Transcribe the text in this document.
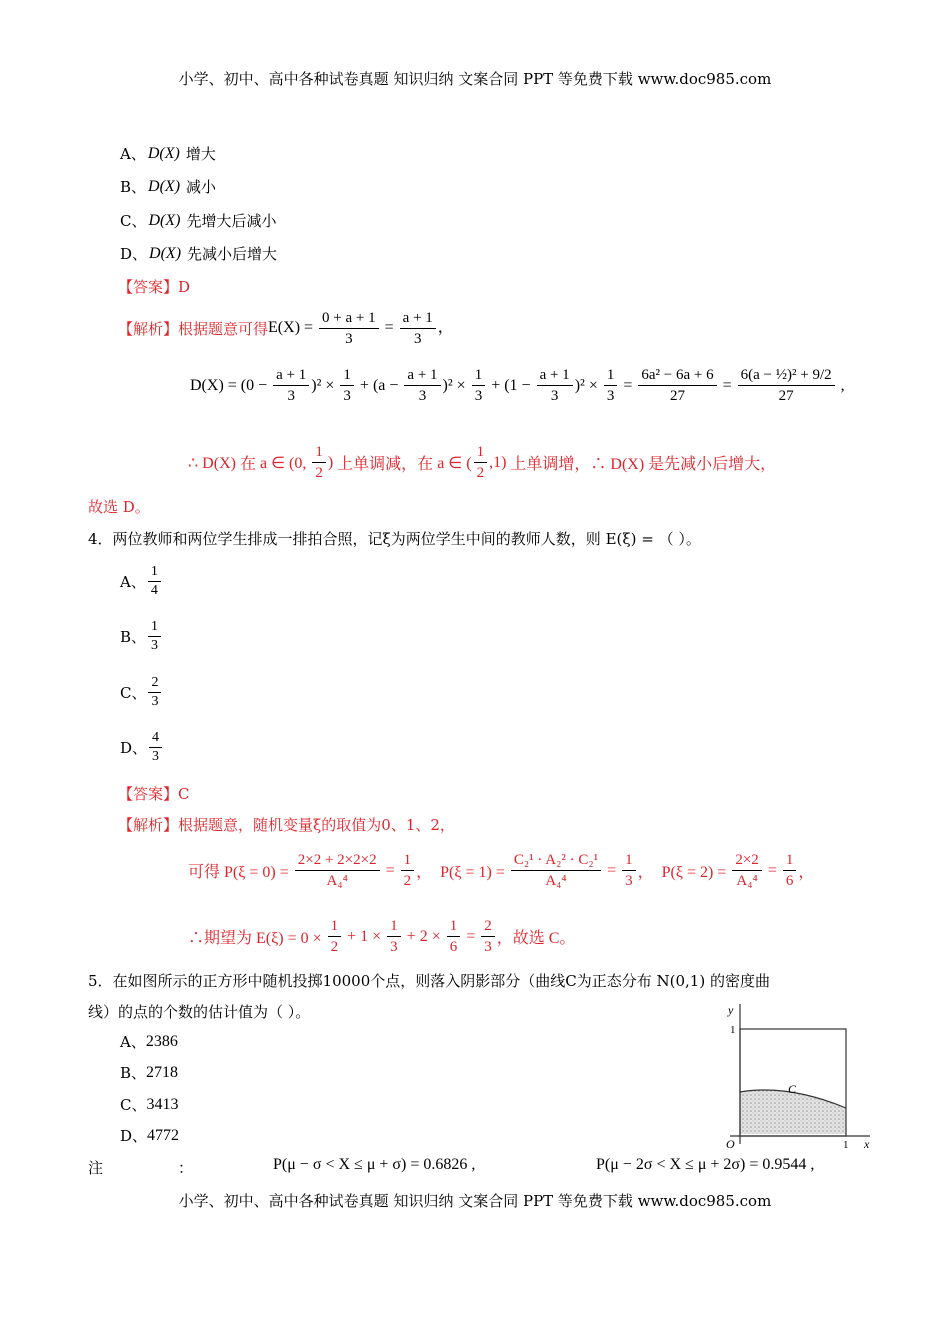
小学、初中、高中各种试卷真题 知识归纳 文案合同 PPT 等免费下载 www.doc985.com
A、 D(X) 增大
B、 D(X) 减小
C、 D(X) 先增大后减小
D、 D(X) 先减小后增大
【答案】 D
【解析】 根据题意可得 $E(X) = \frac{0 + a + 1}{3} = \frac{a + 1}{3}$ ，
$D(X) = (0 - \frac{a + 1}{3} )^2 \times \frac{1}{3} + (a - \frac{a + 1}{3} )^2 \times \frac{1}{3} + (1 - \frac{a + 1}{3} )^2 \times \frac{1}{3} = \frac{\text{6a² − 6a + 6}}{27} = \frac{\text{6(a − ½)² + 9/2}}{27}$ ,
∴ D(X) 在 a ∈ (0, $\frac{1}{2}$ ) 上单调减，在 a ∈ ( $\frac{1}{2} ,1$) 上单调增，∴ D(X) 是先减小后增大，
故选 D。
4．两位教师和两位学生排成一排拍合照，记ξ为两位学生中间的教师人数，则 E(ξ) = （ ）。
A、 $\frac{1}{4}$
B、 $\frac{1}{3}$
C、 $\frac{2}{3}$
D、 $\frac{4}{3}$
【答案】 C
【解析】 根据题意，随机变量ξ的取值为0、1、2，
可得 $P(\xi = 0) = \frac{2\times 2 + 2\times 2\times 2}{\text{A₄⁴}} = \frac{1}{2}$ ，  $P(\xi = 1) = \frac{\text{C₂¹ · A₂² · C₂¹}}{\text{A₄⁴}} = \frac{1}{3}$ ，  $P(\xi = 2) = \frac{2\times 2}{\text{A₄⁴}} = \frac{1}{6}$ ，
∴期望为 $E(\xi) = 0 \times \frac{1}{2} + 1 \times \frac{1}{3} + 2 \times \frac{1}{6} = \frac{2}{3}$ ，故选 C。
5．在如图所示的正方形中随机投掷10000个点，则落入阴影部分（曲线C为正态分布 N(0,1) 的密度曲
线）的点的个数的估计值为（ ）。
A、 2386
B、 2718
C、 3413
D、 4772
y
1
O	1 x
C
注	：	P(μ − σ < X ≤ μ + σ) = 0.6826 ,	P(μ − 2σ < X ≤ μ + 2σ) = 0.9544 ,
小学、初中、高中各种试卷真题 知识归纳 文案合同 PPT 等免费下载 www.doc985.com
